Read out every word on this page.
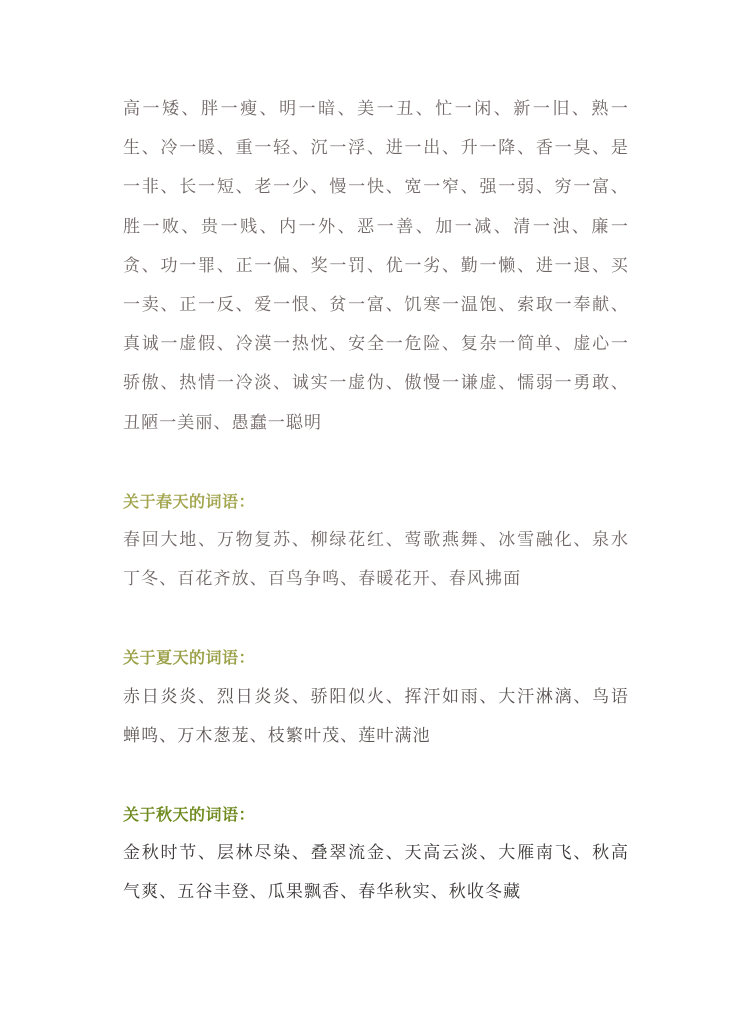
高一矮、胖一瘦、明一暗、美一丑、忙一闲、新一旧、熟一生、冷一暖、重一轻、沉一浮、进一出、升一降、香一臭、是一非、长一短、老一少、慢一快、宽一窄、强一弱、穷一富、胜一败、贵一贱、内一外、恶一善、加一减、清一浊、廉一贪、功一罪、正一偏、奖一罚、优一劣、勤一懒、进一退、买一卖、正一反、爱一恨、贫一富、饥寒一温饱、索取一奉献、真诚一虚假、冷漠一热忱、安全一危险、复杂一简单、虚心一骄傲、热情一冷淡、诚实一虚伪、傲慢一谦虚、懦弱一勇敢、丑陋一美丽、愚蠢一聪明

关于春天的词语：

春回大地、万物复苏、柳绿花红、莺歌燕舞、冰雪融化、泉水丁冬、百花齐放、百鸟争鸣、春暖花开、春风拂面

关于夏天的词语：

赤日炎炎、烈日炎炎、骄阳似火、挥汗如雨、大汗淋漓、鸟语蝉鸣、万木葱茏、枝繁叶茂、莲叶满池

关于秋天的词语：

金秋时节、层林尽染、叠翠流金、天高云淡、大雁南飞、秋高气爽、五谷丰登、瓜果飘香、春华秋实、秋收冬藏
